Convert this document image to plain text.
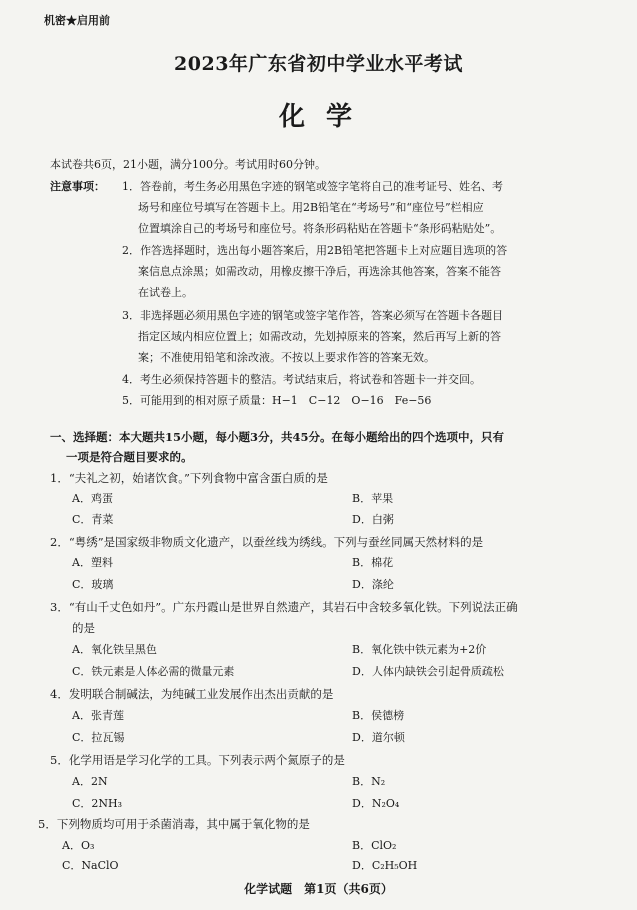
机密★启用前
2023年广东省初中学业水平考试
化 学
本试卷共6页，21小题，满分100分。考试用时60分钟。
注意事项： 1．答卷前，考生务必用黑色字迹的钢笔或签字笔将自己的准考证号、姓名、考
场号和座位号填写在答题卡上。用2B铅笔在“考场号”和“座位号”栏相应
位置填涂自己的考场号和座位号。将条形码粘贴在答题卡“条形码粘贴处”。
2．作答选择题时，选出每小题答案后，用2B铅笔把答题卡上对应题目选项的答
案信息点涂黑；如需改动，用橡皮擦干净后，再选涂其他答案，答案不能答
在试卷上。
3．非选择题必须用黑色字迹的钢笔或签字笔作答，答案必须写在答题卡各题目
指定区域内相应位置上；如需改动，先划掉原来的答案，然后再写上新的答
案；不准使用铅笔和涂改液。不按以上要求作答的答案无效。
4．考生必须保持答题卡的整洁。考试结束后，将试卷和答题卡一并交回。
5．可能用到的相对原子质量：H−1　C−12　O−16　Fe−56
一、选择题：本大题共15小题，每小题3分，共45分。在每小题给出的四个选项中，只有
一项是符合题目要求的。
1．“夫礼之初，始诸饮食。”下列食物中富含蛋白质的是
A．鸡蛋	B．苹果
C．青菜	D．白粥
2．“粤绣”是国家级非物质文化遗产，以蚕丝线为绣线。下列与蚕丝同属天然材料的是
A．塑料	B．棉花
C．玻璃	D．涤纶
3．“有山千丈色如丹”。广东丹霞山是世界自然遗产，其岩石中含较多氧化铁。下列说法正确
的是
A．氧化铁呈黑色	B．氧化铁中铁元素为+2价
C．铁元素是人体必需的微量元素	D．人体内缺铁会引起骨质疏松
4．发明联合制碱法，为纯碱工业发展作出杰出贡献的是
A．张青莲	B．侯德榜
C．拉瓦锡	D．道尔顿
5．化学用语是学习化学的工具。下列表示两个氮原子的是
A．2N	B．N₂
C．2NH₃	D．N₂O₄
5．下列物质均可用于杀菌消毒，其中属于氧化物的是
A．O₃	B．ClO₂
C．NaClO	D．C₂H₅OH
化学试题　第1页（共6页）
